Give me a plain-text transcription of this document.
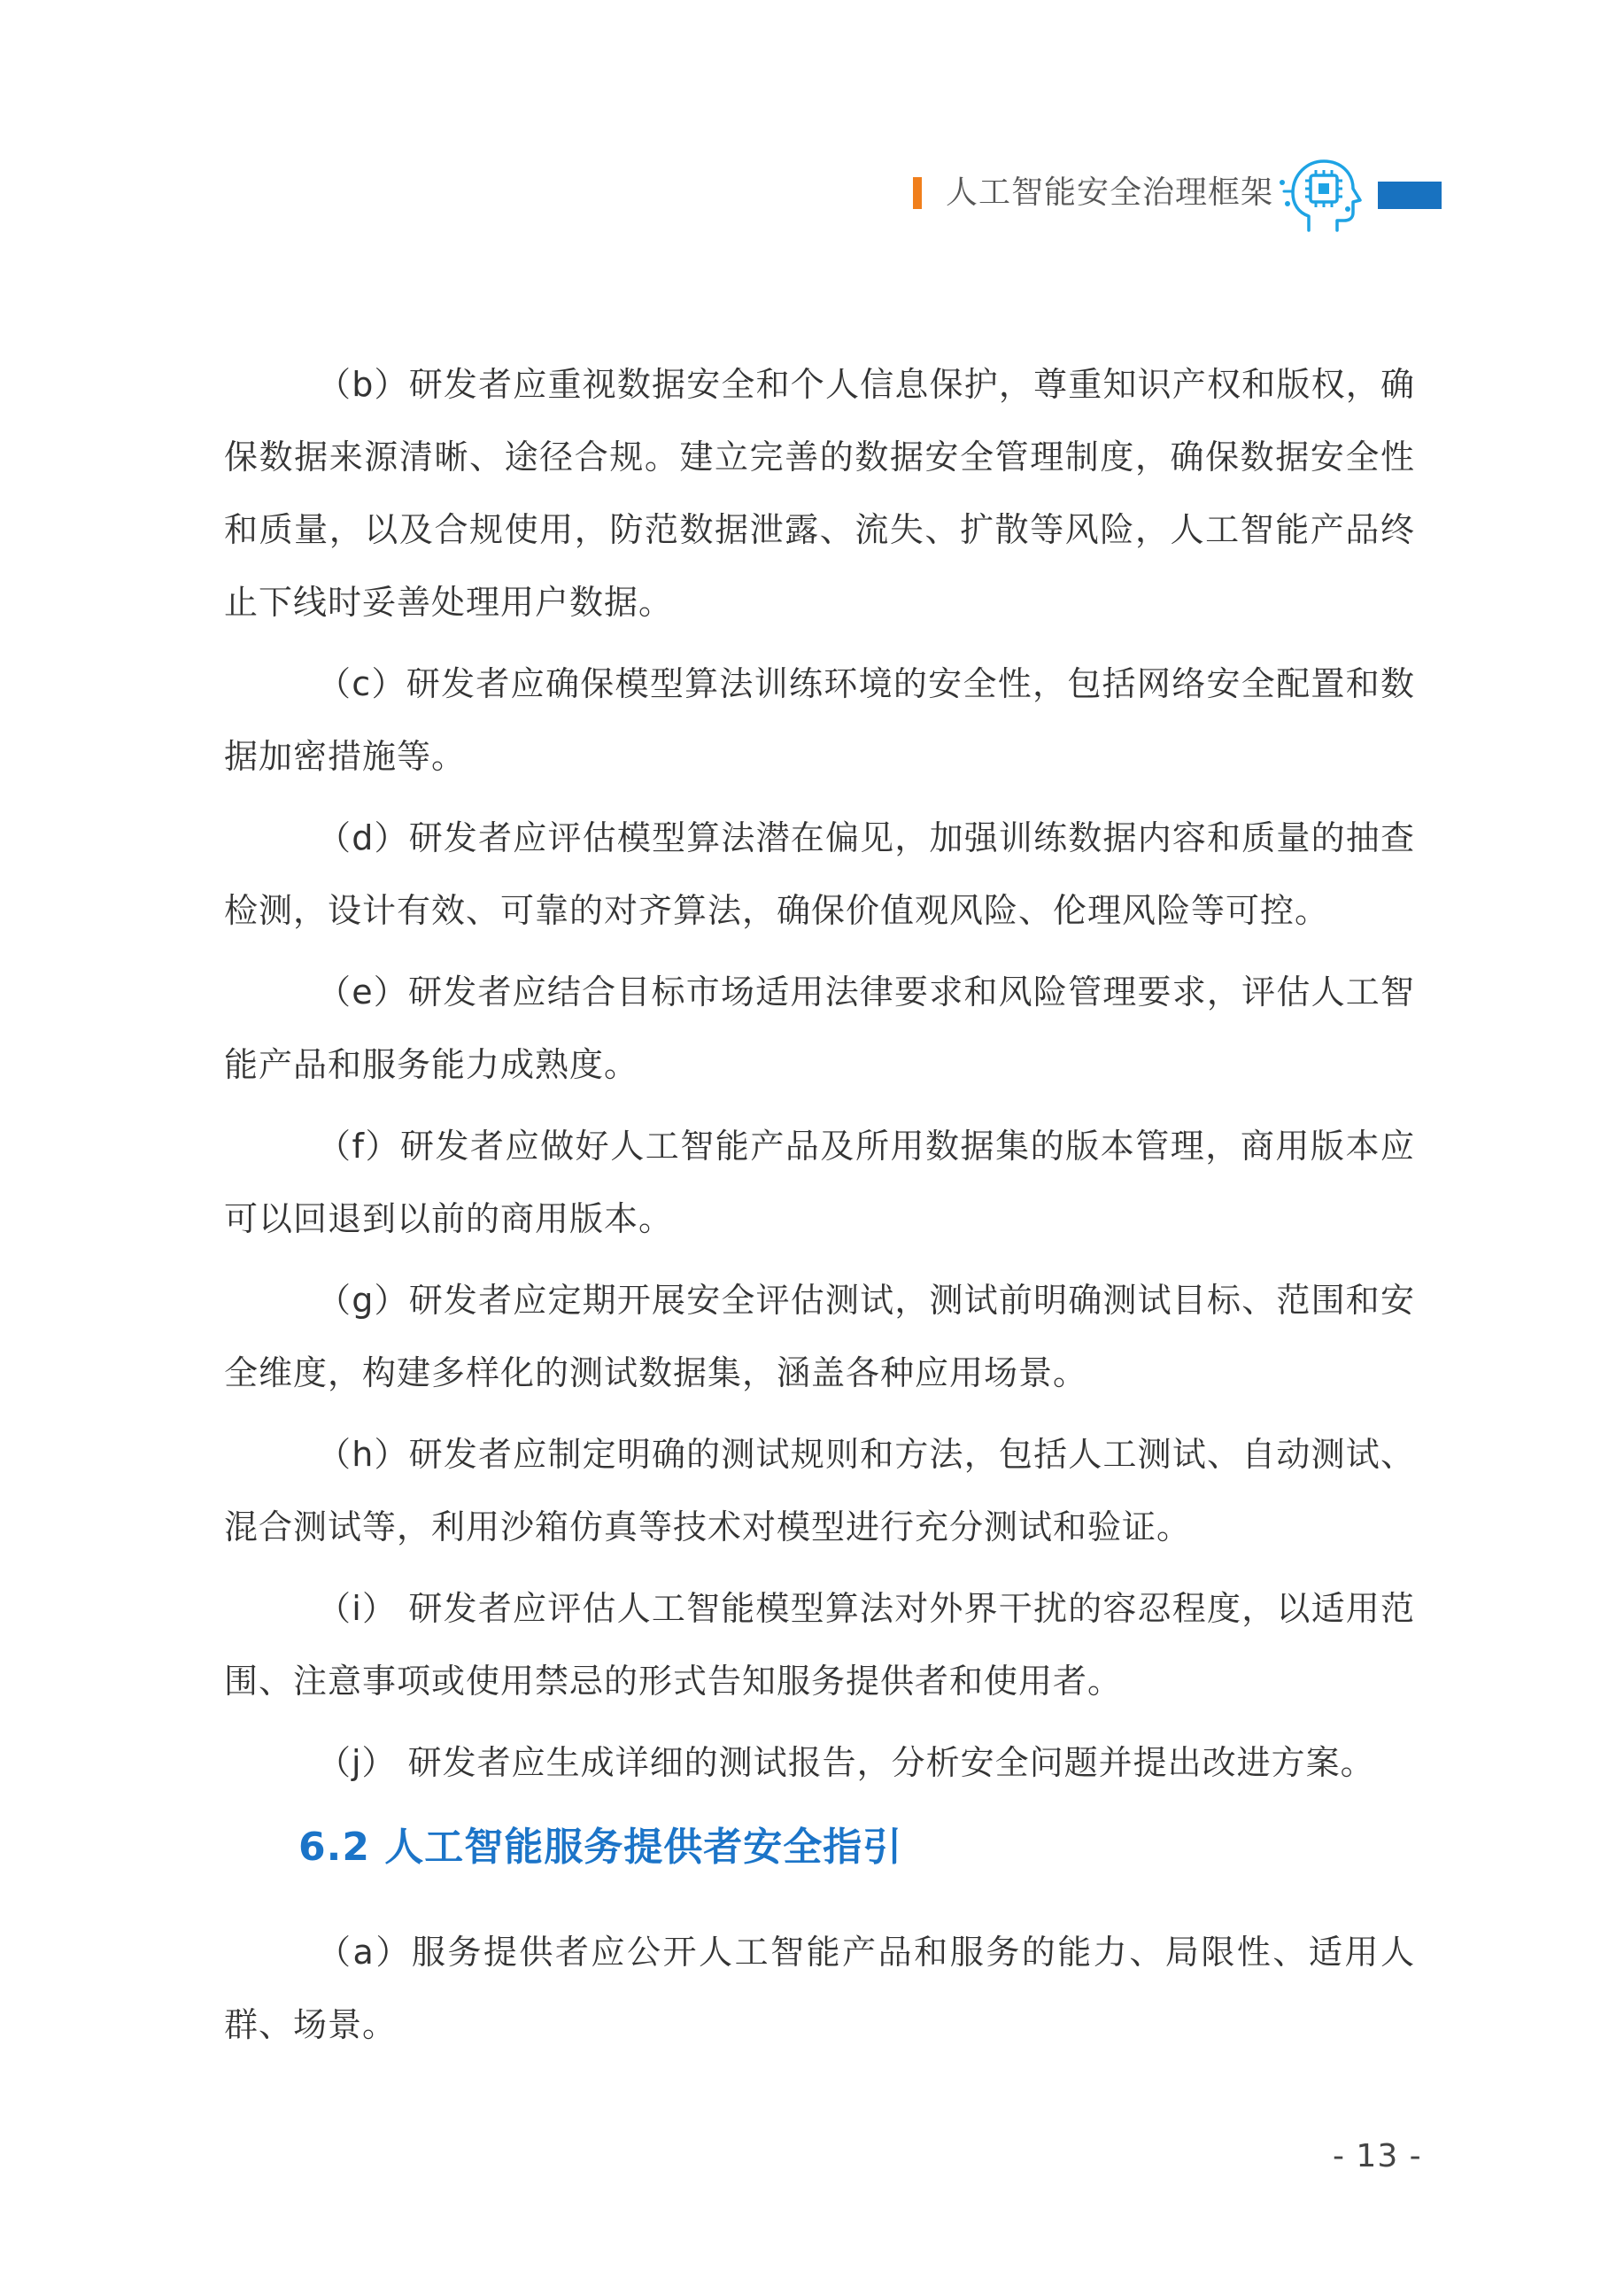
人工智能安全治理框架

（b）研发者应重视数据安全和个人信息保护，尊重知识产权和版权，确保数据来源清晰、途径合规。建立完善的数据安全管理制度，确保数据安全性和质量，以及合规使用，防范数据泄露、流失、扩散等风险，人工智能产品终止下线时妥善处理用户数据。

（c）研发者应确保模型算法训练环境的安全性，包括网络安全配置和数据加密措施等。

（d）研发者应评估模型算法潜在偏见，加强训练数据内容和质量的抽查检测，设计有效、可靠的对齐算法，确保价值观风险、伦理风险等可控。

（e）研发者应结合目标市场适用法律要求和风险管理要求，评估人工智能产品和服务能力成熟度。

（f）研发者应做好人工智能产品及所用数据集的版本管理，商用版本应可以回退到以前的商用版本。

（g）研发者应定期开展安全评估测试，测试前明确测试目标、范围和安全维度，构建多样化的测试数据集，涵盖各种应用场景。

（h）研发者应制定明确的测试规则和方法，包括人工测试、自动测试、混合测试等，利用沙箱仿真等技术对模型进行充分测试和验证。

（i） 研发者应评估人工智能模型算法对外界干扰的容忍程度，以适用范围、注意事项或使用禁忌的形式告知服务提供者和使用者。

（j） 研发者应生成详细的测试报告，分析安全问题并提出改进方案。

6.2 人工智能服务提供者安全指引

（a）服务提供者应公开人工智能产品和服务的能力、局限性、适用人群、场景。

- 13 -
